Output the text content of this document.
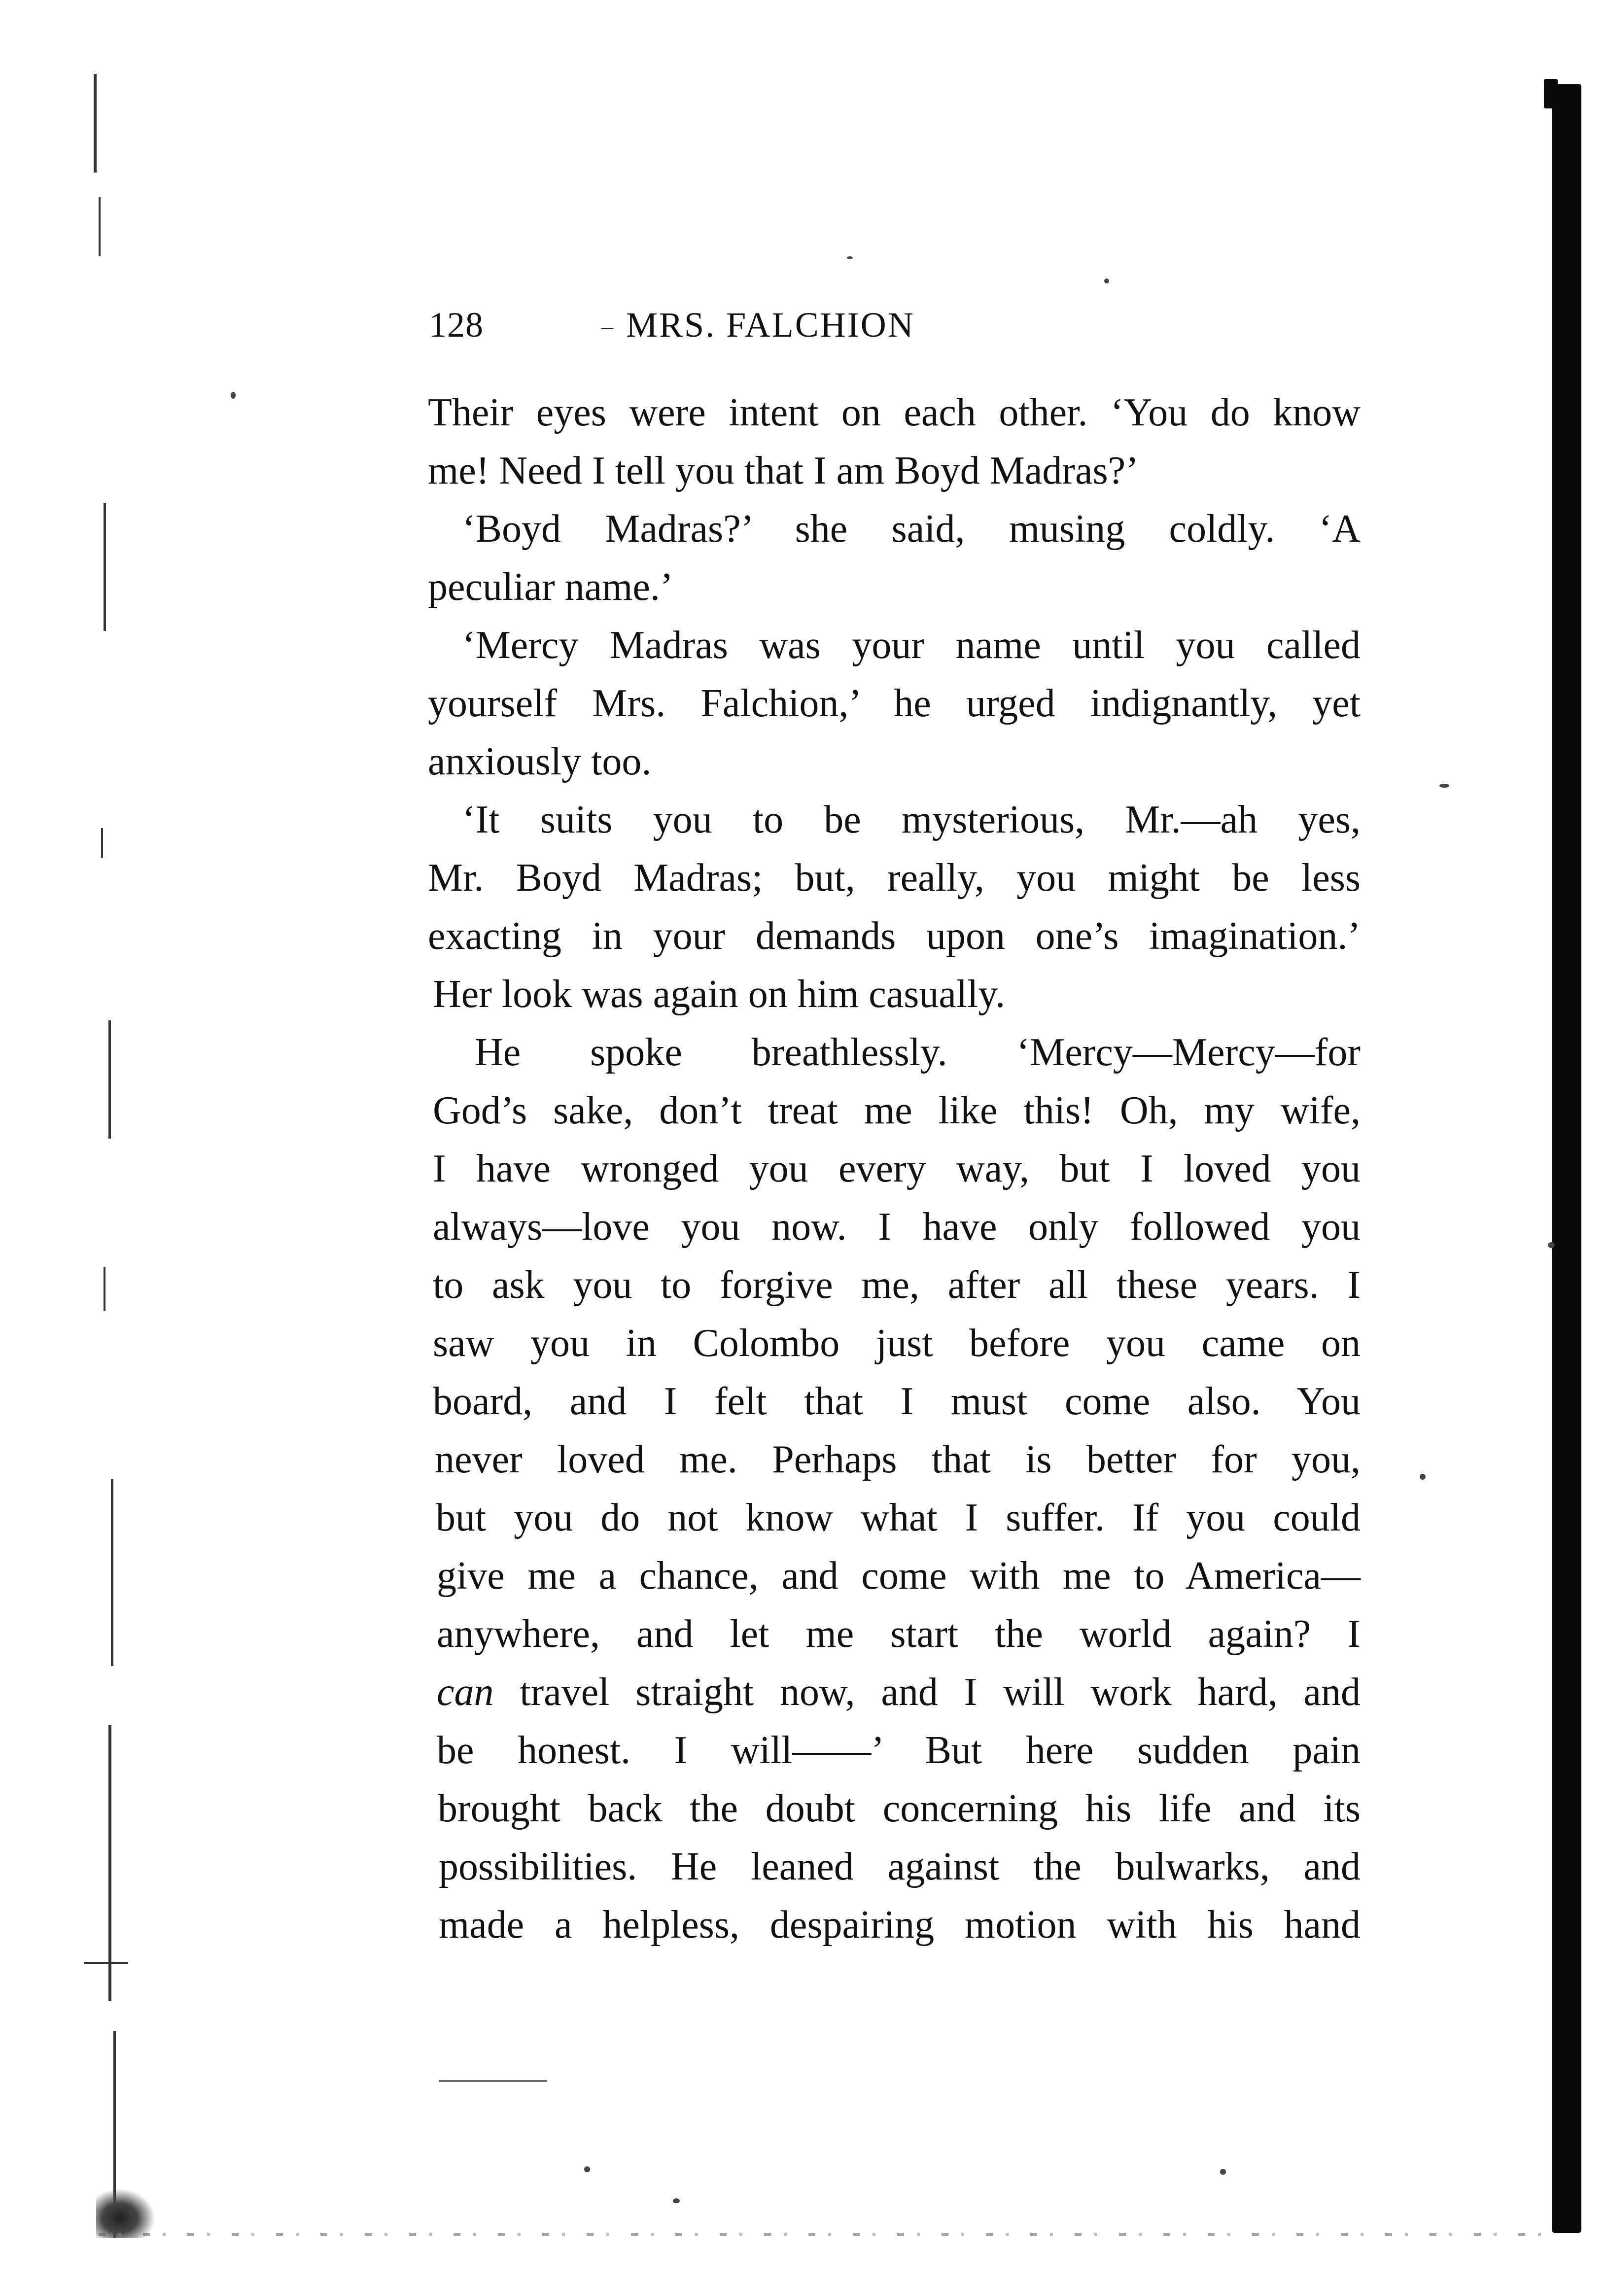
128	– MRS. FALCHION
Their eyes were intent on each other. ‘You do know
me! Need I tell you that I am Boyd Madras?’
‘Boyd Madras?’ she said, musing coldly. ‘A
peculiar name.’
‘Mercy Madras was your name until you called
yourself Mrs. Falchion,’ he urged indignantly, yet
anxiously too.
‘It suits you to be mysterious, Mr.—ah yes,
Mr. Boyd Madras; but, really, you might be less
exacting in your demands upon one’s imagination.’
Her look was again on him casually.
He spoke breathlessly. ‘Mercy—Mercy—for
God’s sake, don’t treat me like this! Oh, my wife,
I have wronged you every way, but I loved you
always—love you now. I have only followed you
to ask you to forgive me, after all these years. I
saw you in Colombo just before you came on
board, and I felt that I must come also. You
never loved me. Perhaps that is better for you,
but you do not know what I suffer. If you could
give me a chance, and come with me to America—
anywhere, and let me start the world again? I
can travel straight now, and I will work hard, and
be honest. I will——’ But here sudden pain
brought back the doubt concerning his life and its
possibilities. He leaned against the bulwarks, and
made a helpless, despairing motion with his hand
